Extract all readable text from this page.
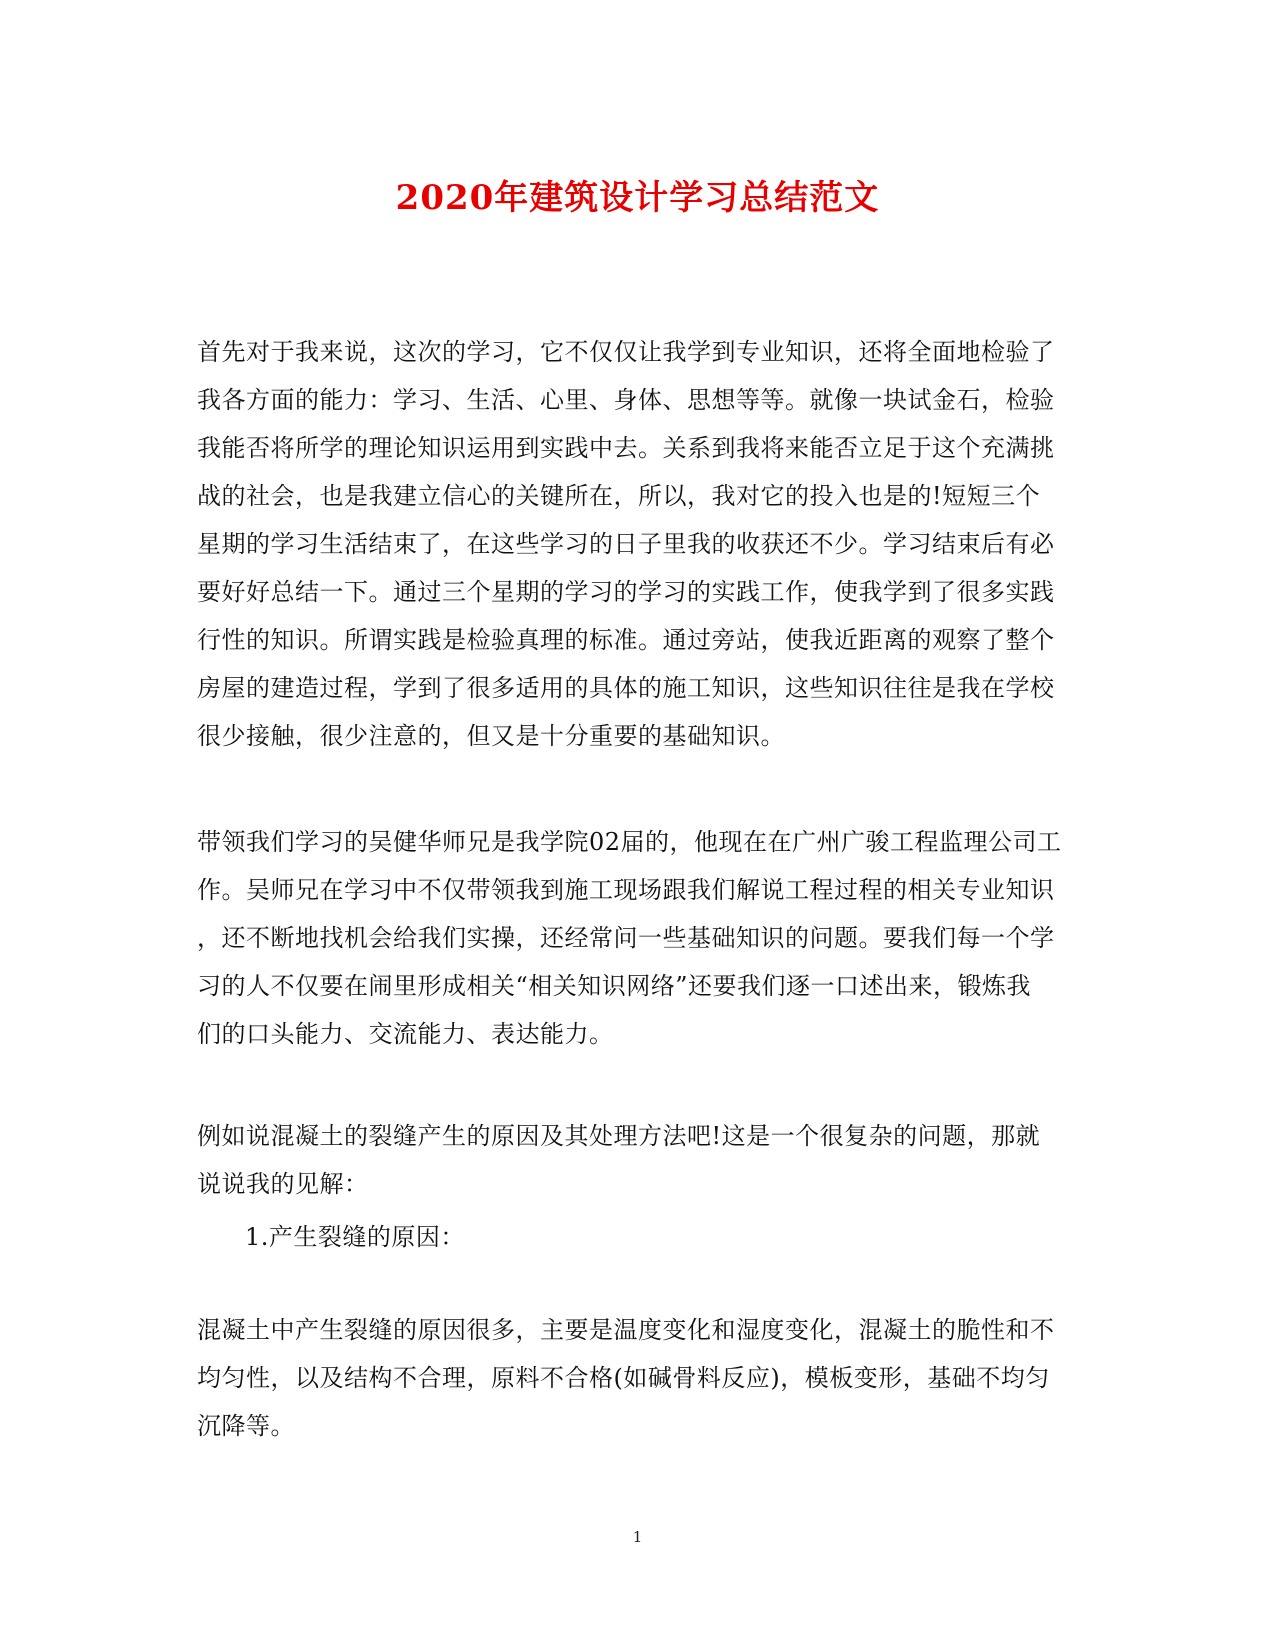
2020年建筑设计学习总结范文
首先对于我来说，这次的学习，它不仅仅让我学到专业知识，还将全面地检验了
我各方面的能力：学习、生活、心里、身体、思想等等。就像一块试金石，检验
我能否将所学的理论知识运用到实践中去。关系到我将来能否立足于这个充满挑
战的社会，也是我建立信心的关键所在，所以，我对它的投入也是的!短短三个
星期的学习生活结束了，在这些学习的日子里我的收获还不少。学习结束后有必
要好好总结一下。通过三个星期的学习的学习的实践工作，使我学到了很多实践
行性的知识。所谓实践是检验真理的标准。通过旁站，使我近距离的观察了整个
房屋的建造过程，学到了很多适用的具体的施工知识，这些知识往往是我在学校
很少接触，很少注意的，但又是十分重要的基础知识。
带领我们学习的吴健华师兄是我学院02届的，他现在在广州广骏工程监理公司工
作。吴师兄在学习中不仅带领我到施工现场跟我们解说工程过程的相关专业知识
，还不断地找机会给我们实操，还经常问一些基础知识的问题。要我们每一个学
习的人不仅要在闹里形成相关“相关知识网络”还要我们逐一口述出来，锻炼我
们的口头能力、交流能力、表达能力。
例如说混凝土的裂缝产生的原因及其处理方法吧!这是一个很复杂的问题，那就
说说我的见解：
1.产生裂缝的原因：
混凝土中产生裂缝的原因很多，主要是温度变化和湿度变化，混凝土的脆性和不
均匀性，以及结构不合理，原料不合格(如碱骨料反应)，模板变形，基础不均匀
沉降等。
1
